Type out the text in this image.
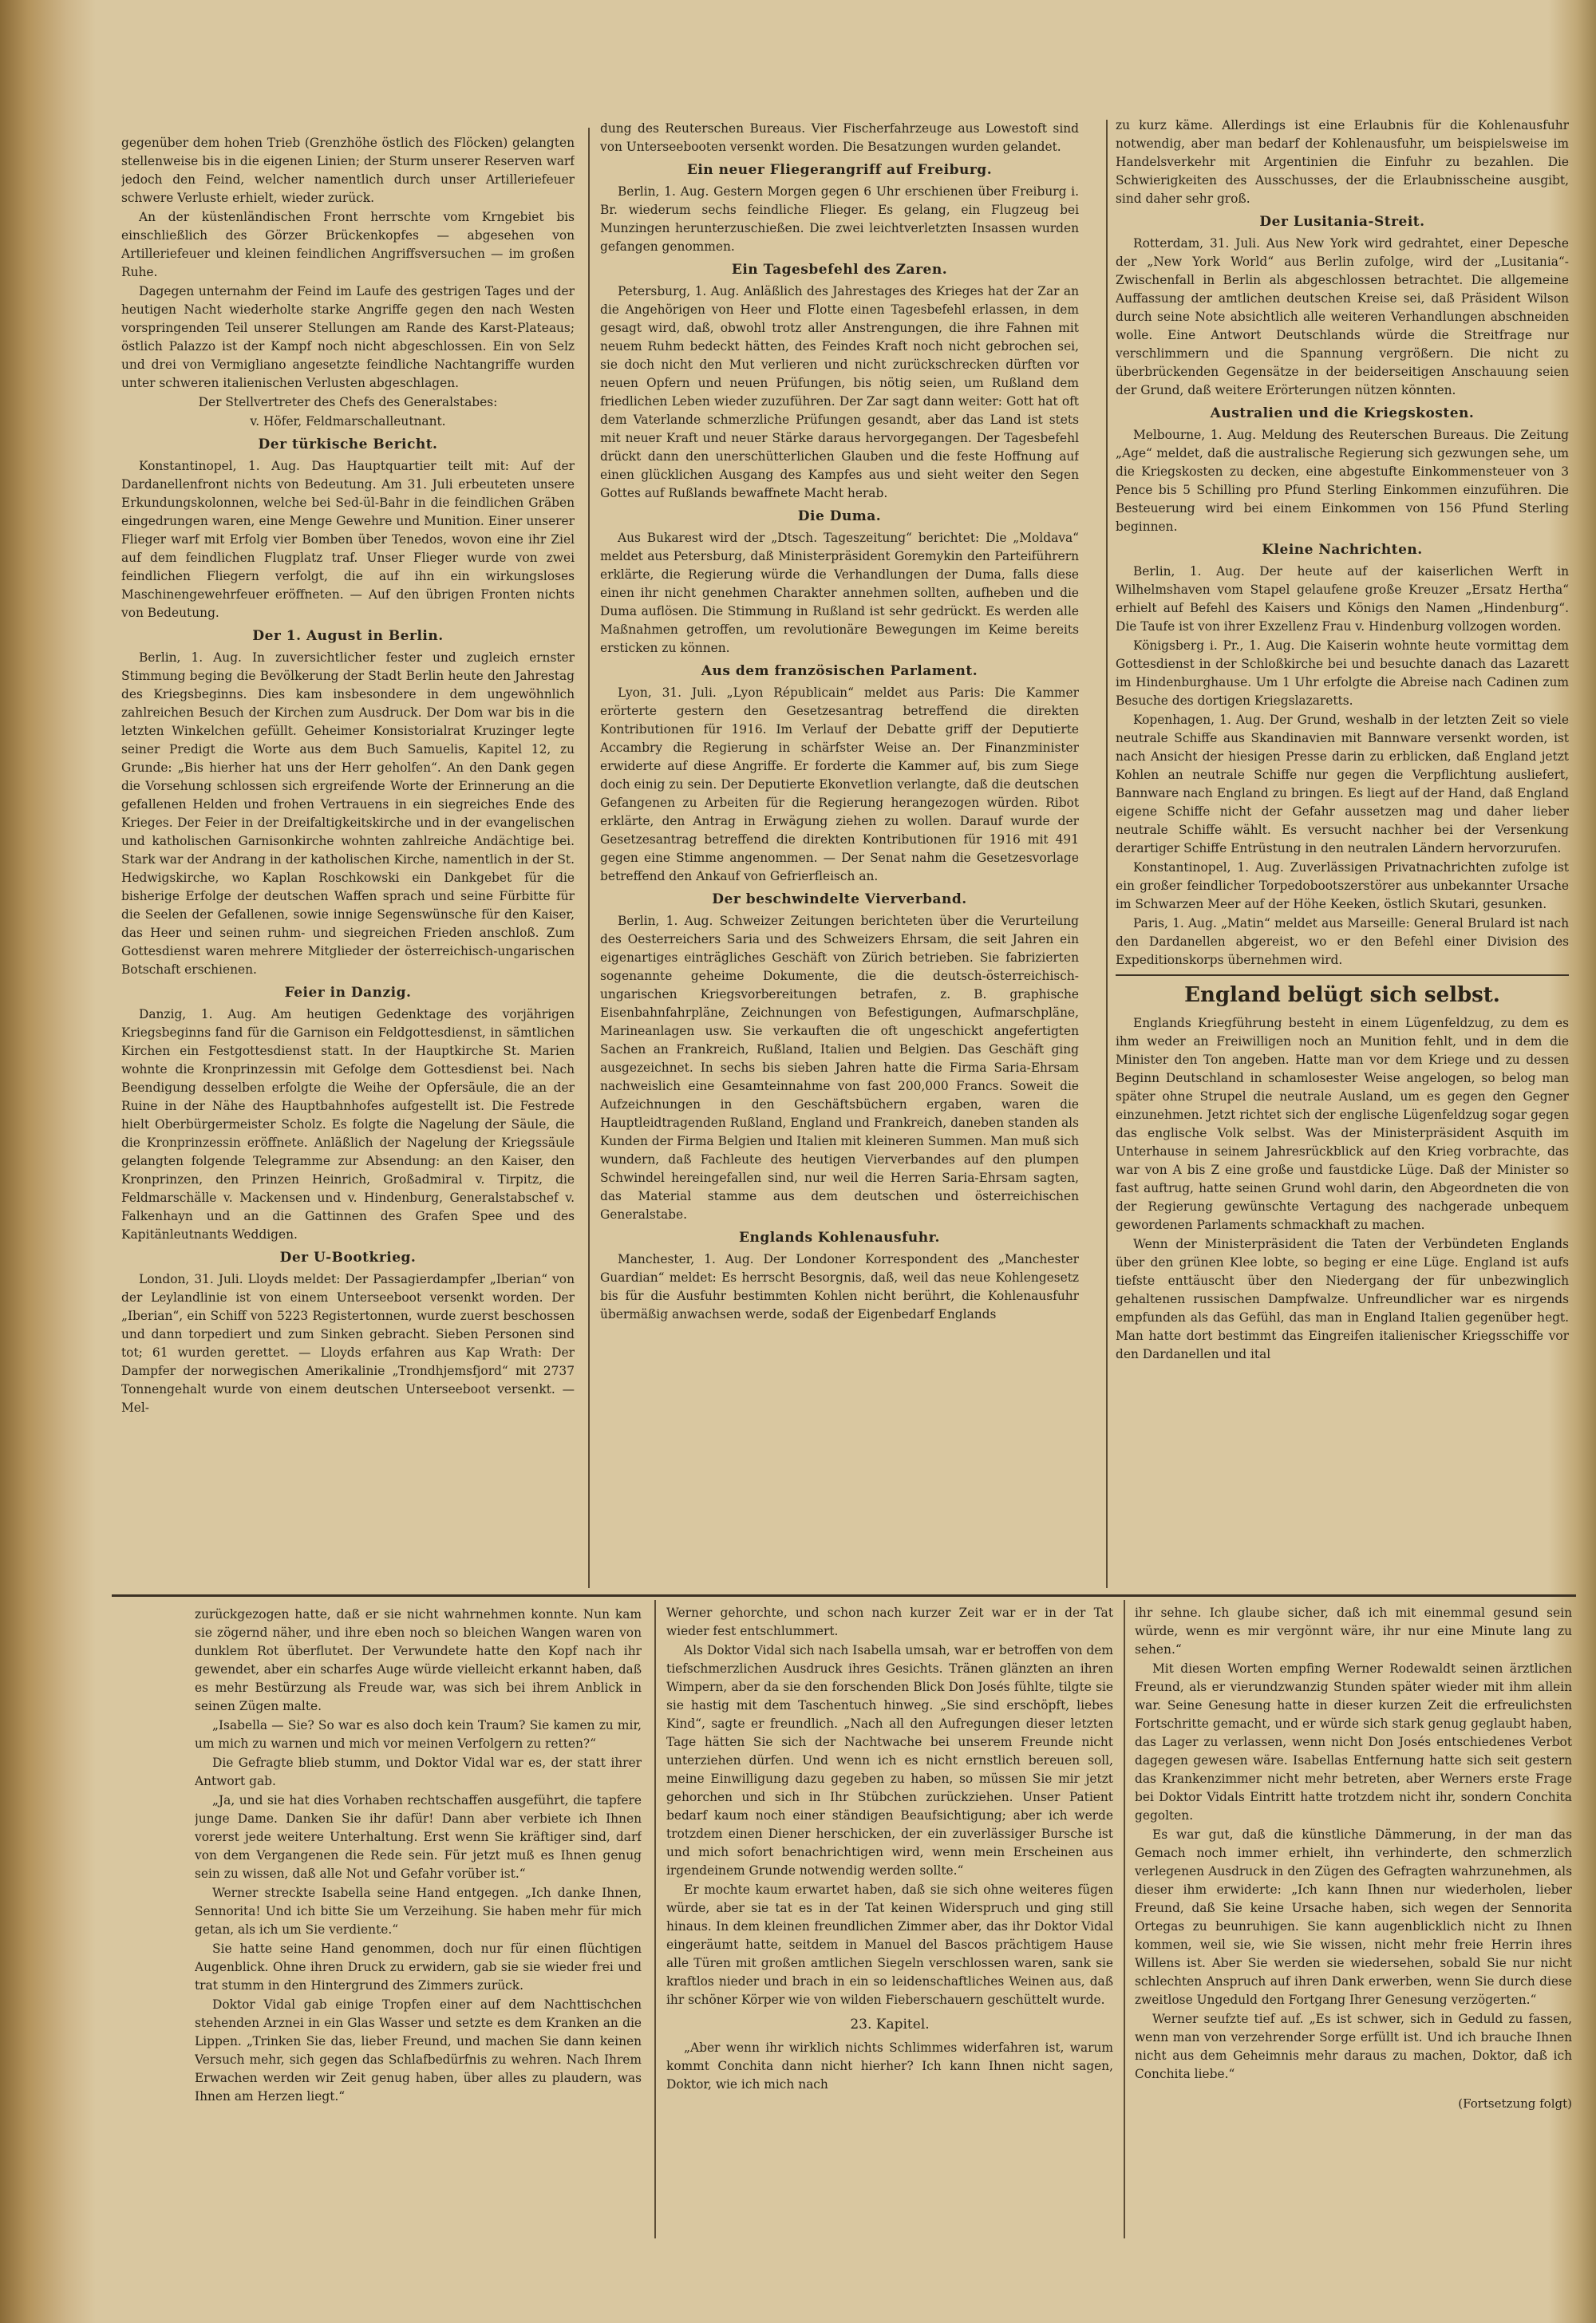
gegenüber dem hohen Trieb (Grenzhöhe östlich des Flöcken) gelangten stellenweise bis in die eigenen Linien; der Sturm unserer Reserven warf jedoch den Feind, welcher namentlich durch unser Artilleriefeuer schwere Verluste erhielt, wieder zurück.

An der küstenländischen Front herrschte vom Krngebiet bis einschließlich des Görzer Brückenkopfes — abgesehen von Artilleriefeuer und kleinen feindlichen Angriffsversuchen — im großen Ruhe.

Dagegen unternahm der Feind im Laufe des gestrigen Tages und der heutigen Nacht wiederholte starke Angriffe gegen den nach Westen vorspringenden Teil unserer Stellungen am Rande des Karst-Plateaus; östlich Palazzo ist der Kampf noch nicht abgeschlossen. Ein von Selz und drei von Vermigliano angesetzte feindliche Nachtangriffe wurden unter schweren italienischen Verlusten abgeschlagen.

Der Stellvertreter des Chefs des Generalstabes:

v. Höfer, Feldmarschalleutnant.

Der türkische Bericht.

Konstantinopel, 1. Aug. Das Hauptquartier teilt mit: Auf der Dardanellenfront nichts von Bedeutung. Am 31. Juli erbeuteten unsere Erkundungskolonnen, welche bei Sed-ül-Bahr in die feindlichen Gräben eingedrungen waren, eine Menge Gewehre und Munition. Einer unserer Flieger warf mit Erfolg vier Bomben über Tenedos, wovon eine ihr Ziel auf dem feindlichen Flugplatz traf. Unser Flieger wurde von zwei feindlichen Fliegern verfolgt, die auf ihn ein wirkungsloses Maschinengewehrfeuer eröffneten. — Auf den übrigen Fronten nichts von Bedeutung.

Der 1. August in Berlin.

Berlin, 1. Aug. In zuversichtlicher fester und zugleich ernster Stimmung beging die Bevölkerung der Stadt Berlin heute den Jahrestag des Kriegsbeginns. Dies kam insbesondere in dem ungewöhnlich zahlreichen Besuch der Kirchen zum Ausdruck. Der Dom war bis in die letzten Winkelchen gefüllt. Geheimer Konsistorialrat Kruzinger legte seiner Predigt die Worte aus dem Buch Samuelis, Kapitel 12, zu Grunde: „Bis hierher hat uns der Herr geholfen“. An den Dank gegen die Vorsehung schlossen sich ergreifende Worte der Erinnerung an die gefallenen Helden und frohen Vertrauens in ein siegreiches Ende des Krieges. Der Feier in der Dreifaltigkeitskirche und in der evangelischen und katholischen Garnisonkirche wohnten zahlreiche Andächtige bei. Stark war der Andrang in der katholischen Kirche, namentlich in der St. Hedwigskirche, wo Kaplan Roschkowski ein Dankgebet für die bisherige Erfolge der deutschen Waffen sprach und seine Fürbitte für die Seelen der Gefallenen, sowie innige Segenswünsche für den Kaiser, das Heer und seinen ruhm- und siegreichen Frieden anschloß. Zum Gottesdienst waren mehrere Mitglieder der österreichisch-ungarischen Botschaft erschienen.

Feier in Danzig.

Danzig, 1. Aug. Am heutigen Gedenktage des vorjährigen Kriegsbeginns fand für die Garnison ein Feldgottesdienst, in sämtlichen Kirchen ein Festgottesdienst statt. In der Hauptkirche St. Marien wohnte die Kronprinzessin mit Gefolge dem Gottesdienst bei. Nach Beendigung desselben erfolgte die Weihe der Opfersäule, die an der Ruine in der Nähe des Hauptbahnhofes aufgestellt ist. Die Festrede hielt Oberbürgermeister Scholz. Es folgte die Nagelung der Säule, die die Kronprinzessin eröffnete. Anläßlich der Nagelung der Kriegssäule gelangten folgende Telegramme zur Absendung: an den Kaiser, den Kronprinzen, den Prinzen Heinrich, Großadmiral v. Tirpitz, die Feldmarschälle v. Mackensen und v. Hindenburg, Generalstabschef v. Falkenhayn und an die Gattinnen des Grafen Spee und des Kapitänleutnants Weddigen.

Der U-Bootkrieg.

London, 31. Juli. Lloyds meldet: Der Passagierdampfer „Iberian“ von der Leylandlinie ist von einem Unterseeboot versenkt worden. Der „Iberian“, ein Schiff von 5223 Registertonnen, wurde zuerst beschossen und dann torpediert und zum Sinken gebracht. Sieben Personen sind tot; 61 wurden gerettet. — Lloyds erfahren aus Kap Wrath: Der Dampfer der norwegischen Amerikalinie „Trondhjemsfjord“ mit 2737 Tonnengehalt wurde von einem deutschen Unterseeboot versenkt. — Mel-

dung des Reuterschen Bureaus. Vier Fischerfahrzeuge aus Lowestoft sind von Unterseebooten versenkt worden. Die Besatzungen wurden gelandet.

Ein neuer Fliegerangriff auf Freiburg.

Berlin, 1. Aug. Gestern Morgen gegen 6 Uhr erschienen über Freiburg i. Br. wiederum sechs feindliche Flieger. Es gelang, ein Flugzeug bei Munzingen herunterzuschießen. Die zwei leichtverletzten Insassen wurden gefangen genommen.

Ein Tagesbefehl des Zaren.

Petersburg, 1. Aug. Anläßlich des Jahrestages des Krieges hat der Zar an die Angehörigen von Heer und Flotte einen Tagesbefehl erlassen, in dem gesagt wird, daß, obwohl trotz aller Anstrengungen, die ihre Fahnen mit neuem Ruhm bedeckt hätten, des Feindes Kraft noch nicht gebrochen sei, sie doch nicht den Mut verlieren und nicht zurückschrecken dürften vor neuen Opfern und neuen Prüfungen, bis nötig seien, um Rußland dem friedlichen Leben wieder zuzuführen. Der Zar sagt dann weiter: Gott hat oft dem Vaterlande schmerzliche Prüfungen gesandt, aber das Land ist stets mit neuer Kraft und neuer Stärke daraus hervorgegangen. Der Tagesbefehl drückt dann den unerschütterlichen Glauben und die feste Hoffnung auf einen glücklichen Ausgang des Kampfes aus und sieht weiter den Segen Gottes auf Rußlands bewaffnete Macht herab.

Die Duma.

Aus Bukarest wird der „Dtsch. Tageszeitung“ berichtet: Die „Moldava“ meldet aus Petersburg, daß Ministerpräsident Goremykin den Parteiführern erklärte, die Regierung würde die Verhandlungen der Duma, falls diese einen ihr nicht genehmen Charakter annehmen sollten, aufheben und die Duma auflösen. Die Stimmung in Rußland ist sehr gedrückt. Es werden alle Maßnahmen getroffen, um revolutionäre Bewegungen im Keime bereits ersticken zu können.

Aus dem französischen Parlament.

Lyon, 31. Juli. „Lyon Républicain“ meldet aus Paris: Die Kammer erörterte gestern den Gesetzesantrag betreffend die direkten Kontributionen für 1916. Im Verlauf der Debatte griff der Deputierte Accambry die Regierung in schärfster Weise an. Der Finanzminister erwiderte auf diese Angriffe. Er forderte die Kammer auf, bis zum Siege doch einig zu sein. Der Deputierte Ekonvetlion verlangte, daß die deutschen Gefangenen zu Arbeiten für die Regierung herangezogen würden. Ribot erklärte, den Antrag in Erwägung ziehen zu wollen. Darauf wurde der Gesetzesantrag betreffend die direkten Kontributionen für 1916 mit 491 gegen eine Stimme angenommen. — Der Senat nahm die Gesetzesvorlage betreffend den Ankauf von Gefrierfleisch an.

Der beschwindelte Vierverband.

Berlin, 1. Aug. Schweizer Zeitungen berichteten über die Verurteilung des Oesterreichers Saria und des Schweizers Ehrsam, die seit Jahren ein eigenartiges einträgliches Geschäft von Zürich betrieben. Sie fabrizierten sogenannte geheime Dokumente, die die deutsch-österreichisch-ungarischen Kriegsvorbereitungen betrafen, z. B. graphische Eisenbahnfahrpläne, Zeichnungen von Befestigungen, Aufmarschpläne, Marineanlagen usw. Sie verkauften die oft ungeschickt angefertigten Sachen an Frankreich, Rußland, Italien und Belgien. Das Geschäft ging ausgezeichnet. In sechs bis sieben Jahren hatte die Firma Saria-Ehrsam nachweislich eine Gesamteinnahme von fast 200,000 Francs. Soweit die Aufzeichnungen in den Geschäftsbüchern ergaben, waren die Hauptleidtragenden Rußland, England und Frankreich, daneben standen als Kunden der Firma Belgien und Italien mit kleineren Summen. Man muß sich wundern, daß Fachleute des heutigen Vierverbandes auf den plumpen Schwindel hereingefallen sind, nur weil die Herren Saria-Ehrsam sagten, das Material stamme aus dem deutschen und österreichischen Generalstabe.

Englands Kohlenausfuhr.

Manchester, 1. Aug. Der Londoner Korrespondent des „Manchester Guardian“ meldet: Es herrscht Besorgnis, daß, weil das neue Kohlengesetz bis für die Ausfuhr bestimmten Kohlen nicht berührt, die Kohlenausfuhr übermäßig anwachsen werde, sodaß der Eigenbedarf Englands

zu kurz käme. Allerdings ist eine Erlaubnis für die Kohlenausfuhr notwendig, aber man bedarf der Kohlenausfuhr, um beispielsweise im Handelsverkehr mit Argentinien die Einfuhr zu bezahlen. Die Schwierigkeiten des Ausschusses, der die Erlaubnisscheine ausgibt, sind daher sehr groß.

Der Lusitania-Streit.

Rotterdam, 31. Juli. Aus New York wird gedrahtet, einer Depesche der „New York World“ aus Berlin zufolge, wird der „Lusitania“-Zwischenfall in Berlin als abgeschlossen betrachtet. Die allgemeine Auffassung der amtlichen deutschen Kreise sei, daß Präsident Wilson durch seine Note absichtlich alle weiteren Verhandlungen abschneiden wolle. Eine Antwort Deutschlands würde die Streitfrage nur verschlimmern und die Spannung vergrößern. Die nicht zu überbrückenden Gegensätze in der beiderseitigen Anschauung seien der Grund, daß weitere Erörterungen nützen könnten.

Australien und die Kriegskosten.

Melbourne, 1. Aug. Meldung des Reuterschen Bureaus. Die Zeitung „Age“ meldet, daß die australische Regierung sich gezwungen sehe, um die Kriegskosten zu decken, eine abgestufte Einkommensteuer von 3 Pence bis 5 Schilling pro Pfund Sterling Einkommen einzuführen. Die Besteuerung wird bei einem Einkommen von 156 Pfund Sterling beginnen.

Kleine Nachrichten.

Berlin, 1. Aug. Der heute auf der kaiserlichen Werft in Wilhelmshaven vom Stapel gelaufene große Kreuzer „Ersatz Hertha“ erhielt auf Befehl des Kaisers und Königs den Namen „Hindenburg“. Die Taufe ist von ihrer Exzellenz Frau v. Hindenburg vollzogen worden.

Königsberg i. Pr., 1. Aug. Die Kaiserin wohnte heute vormittag dem Gottesdienst in der Schloßkirche bei und besuchte danach das Lazarett im Hindenburghause. Um 1 Uhr erfolgte die Abreise nach Cadinen zum Besuche des dortigen Kriegslazaretts.

Kopenhagen, 1. Aug. Der Grund, weshalb in der letzten Zeit so viele neutrale Schiffe aus Skandinavien mit Bannware versenkt worden, ist nach Ansicht der hiesigen Presse darin zu erblicken, daß England jetzt Kohlen an neutrale Schiffe nur gegen die Verpflichtung ausliefert, Bannware nach England zu bringen. Es liegt auf der Hand, daß England eigene Schiffe nicht der Gefahr aussetzen mag und daher lieber neutrale Schiffe wählt. Es versucht nachher bei der Versenkung derartiger Schiffe Entrüstung in den neutralen Ländern hervorzurufen.

Konstantinopel, 1. Aug. Zuverlässigen Privatnachrichten zufolge ist ein großer feindlicher Torpedobootszerstörer aus unbekannter Ursache im Schwarzen Meer auf der Höhe Keeken, östlich Skutari, gesunken.

Paris, 1. Aug. „Matin“ meldet aus Marseille: General Brulard ist nach den Dardanellen abgereist, wo er den Befehl einer Division des Expeditionskorps übernehmen wird.

England belügt sich selbst.

Englands Kriegführung besteht in einem Lügenfeldzug, zu dem es ihm weder an Freiwilligen noch an Munition fehlt, und in dem die Minister den Ton angeben. Hatte man vor dem Kriege und zu dessen Beginn Deutschland in schamlosester Weise angelogen, so belog man später ohne Strupel die neutrale Ausland, um es gegen den Gegner einzunehmen. Jetzt richtet sich der englische Lügenfeldzug sogar gegen das englische Volk selbst. Was der Ministerpräsident Asquith im Unterhause in seinem Jahresrückblick auf den Krieg vorbrachte, das war von A bis Z eine große und faustdicke Lüge. Daß der Minister so fast auftrug, hatte seinen Grund wohl darin, den Abgeordneten die von der Regierung gewünschte Vertagung des nachgerade unbequem gewordenen Parlaments schmackhaft zu machen.

Wenn der Ministerpräsident die Taten der Verbündeten Englands über den grünen Klee lobte, so beging er eine Lüge. England ist aufs tiefste enttäuscht über den Niedergang der für unbezwinglich gehaltenen russischen Dampfwalze. Unfreundlicher war es nirgends empfunden als das Gefühl, das man in England Italien gegenüber hegt. Man hatte dort bestimmt das Eingreifen italienischer Kriegsschiffe vor den Dardanellen und ital

zurückgezogen hatte, daß er sie nicht wahrnehmen konnte. Nun kam sie zögernd näher, und ihre eben noch so bleichen Wangen waren von dunklem Rot überflutet. Der Verwundete hatte den Kopf nach ihr gewendet, aber ein scharfes Auge würde vielleicht erkannt haben, daß es mehr Bestürzung als Freude war, was sich bei ihrem Anblick in seinen Zügen malte.

„Isabella — Sie? So war es also doch kein Traum? Sie kamen zu mir, um mich zu warnen und mich vor meinen Verfolgern zu retten?“

Die Gefragte blieb stumm, und Doktor Vidal war es, der statt ihrer Antwort gab.

„Ja, und sie hat dies Vorhaben rechtschaffen ausgeführt, die tapfere junge Dame. Danken Sie ihr dafür! Dann aber verbiete ich Ihnen vorerst jede weitere Unterhaltung. Erst wenn Sie kräftiger sind, darf von dem Vergangenen die Rede sein. Für jetzt muß es Ihnen genug sein zu wissen, daß alle Not und Gefahr vorüber ist.“

Werner streckte Isabella seine Hand entgegen. „Ich danke Ihnen, Sennorita! Und ich bitte Sie um Verzeihung. Sie haben mehr für mich getan, als ich um Sie verdiente.“

Sie hatte seine Hand genommen, doch nur für einen flüchtigen Augenblick. Ohne ihren Druck zu erwidern, gab sie sie wieder frei und trat stumm in den Hintergrund des Zimmers zurück.

Doktor Vidal gab einige Tropfen einer auf dem Nachttischchen stehenden Arznei in ein Glas Wasser und setzte es dem Kranken an die Lippen. „Trinken Sie das, lieber Freund, und machen Sie dann keinen Versuch mehr, sich gegen das Schlafbedürfnis zu wehren. Nach Ihrem Erwachen werden wir Zeit genug haben, über alles zu plaudern, was Ihnen am Herzen liegt.“

Werner gehorchte, und schon nach kurzer Zeit war er in der Tat wieder fest entschlummert.

Als Doktor Vidal sich nach Isabella umsah, war er betroffen von dem tiefschmerzlichen Ausdruck ihres Gesichts. Tränen glänzten an ihren Wimpern, aber da sie den forschenden Blick Don Josés fühlte, tilgte sie sie hastig mit dem Taschentuch hinweg. „Sie sind erschöpft, liebes Kind“, sagte er freundlich. „Nach all den Aufregungen dieser letzten Tage hätten Sie sich der Nachtwache bei unserem Freunde nicht unterziehen dürfen. Und wenn ich es nicht ernstlich bereuen soll, meine Einwilligung dazu gegeben zu haben, so müssen Sie mir jetzt gehorchen und sich in Ihr Stübchen zurückziehen. Unser Patient bedarf kaum noch einer ständigen Beaufsichtigung; aber ich werde trotzdem einen Diener herschicken, der ein zuverlässiger Bursche ist und mich sofort benachrichtigen wird, wenn mein Erscheinen aus irgendeinem Grunde notwendig werden sollte.“

Er mochte kaum erwartet haben, daß sie sich ohne weiteres fügen würde, aber sie tat es in der Tat keinen Widerspruch und ging still hinaus. In dem kleinen freundlichen Zimmer aber, das ihr Doktor Vidal eingeräumt hatte, seitdem in Manuel del Bascos prächtigem Hause alle Türen mit großen amtlichen Siegeln verschlossen waren, sank sie kraftlos nieder und brach in ein so leidenschaftliches Weinen aus, daß ihr schöner Körper wie von wilden Fieberschauern geschüttelt wurde.

23. Kapitel.

„Aber wenn ihr wirklich nichts Schlimmes widerfahren ist, warum kommt Conchita dann nicht hierher? Ich kann Ihnen nicht sagen, Doktor, wie ich mich nach

ihr sehne. Ich glaube sicher, daß ich mit einemmal gesund sein würde, wenn es mir vergönnt wäre, ihr nur eine Minute lang zu sehen.“

Mit diesen Worten empfing Werner Rodewaldt seinen ärztlichen Freund, als er vierundzwanzig Stunden später wieder mit ihm allein war. Seine Genesung hatte in dieser kurzen Zeit die erfreulichsten Fortschritte gemacht, und er würde sich stark genug geglaubt haben, das Lager zu verlassen, wenn nicht Don Josés entschiedenes Verbot dagegen gewesen wäre. Isabellas Entfernung hatte sich seit gestern das Krankenzimmer nicht mehr betreten, aber Werners erste Frage bei Doktor Vidals Eintritt hatte trotzdem nicht ihr, sondern Conchita gegolten.

Es war gut, daß die künstliche Dämmerung, in der man das Gemach noch immer erhielt, ihn verhinderte, den schmerzlich verlegenen Ausdruck in den Zügen des Gefragten wahrzunehmen, als dieser ihm erwiderte: „Ich kann Ihnen nur wiederholen, lieber Freund, daß Sie keine Ursache haben, sich wegen der Sennorita Ortegas zu beunruhigen. Sie kann augenblicklich nicht zu Ihnen kommen, weil sie, wie Sie wissen, nicht mehr freie Herrin ihres Willens ist. Aber Sie werden sie wiedersehen, sobald Sie nur nicht schlechten Anspruch auf ihren Dank erwerben, wenn Sie durch diese zweitlose Ungeduld den Fortgang Ihrer Genesung verzögerten.“

Werner seufzte tief auf. „Es ist schwer, sich in Geduld zu fassen, wenn man von verzehrender Sorge erfüllt ist. Und ich brauche Ihnen nicht aus dem Geheimnis mehr daraus zu machen, Doktor, daß ich Conchita liebe.“

(Fortsetzung folgt)
